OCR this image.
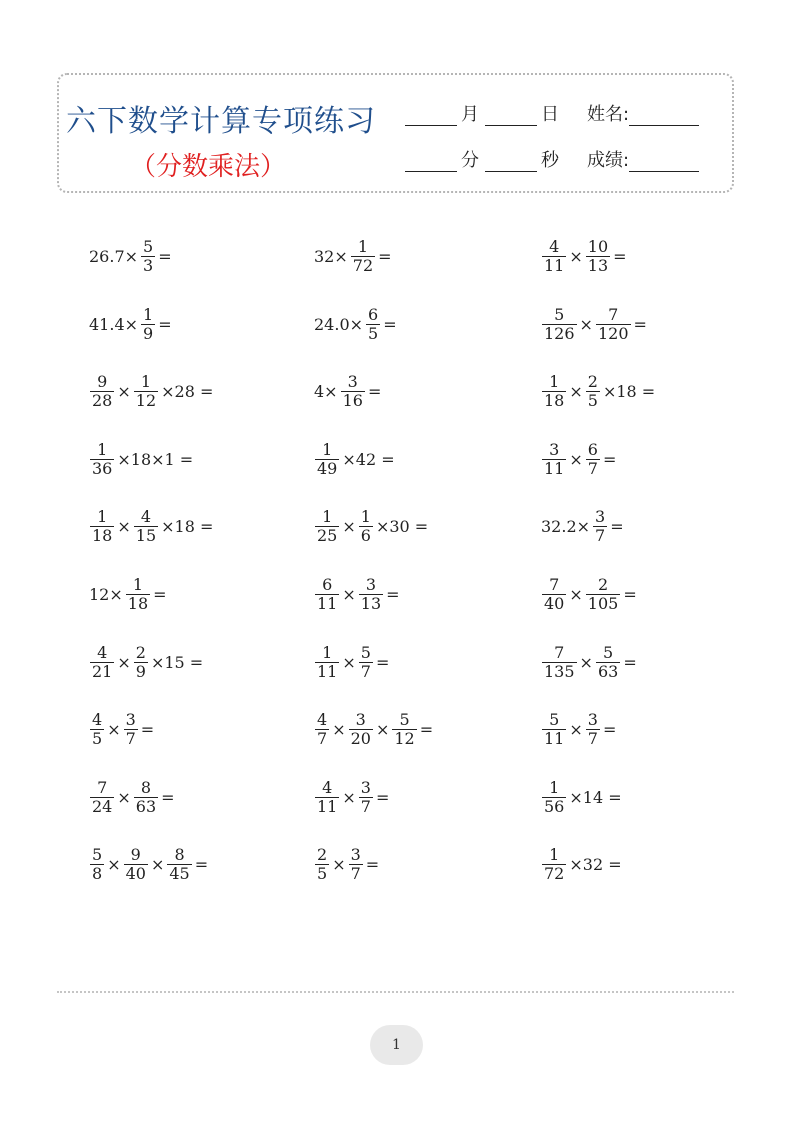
六下数学计算专项练习
（分数乘法）
月	日 姓名:
分	秒 成绩:
$26.7\times \frac{5}{3}$ =	$32\times \frac{1}{72}$ =	$\frac{4}{11} \times \frac{10}{13}$ =
$41.4\times \frac{1}{9}$ =	$24.0\times \frac{6}{5}$ =	$\frac{5}{126} \times \frac{7}{120}$ =
$\frac{9}{28} \times \frac{1}{12} \times 28$ =	$4\times \frac{3}{16}$ =	$\frac{1}{18} \times \frac{2}{5} \times 18$ =
$\frac{1}{36} \times 18\times 1$ =	$\frac{1}{49} \times 42$ =	$\frac{3}{11} \times \frac{6}{7}$ =
$\frac{1}{18} \times \frac{4}{15} \times 18$ =	$\frac{1}{25} \times \frac{1}{6} \times 30$ =	$32.2\times \frac{3}{7}$ =
$12\times \frac{1}{18}$ =	$\frac{6}{11} \times \frac{3}{13}$ =	$\frac{7}{40} \times \frac{2}{105}$ =
$\frac{4}{21} \times \frac{2}{9} \times 15$ =	$\frac{1}{11} \times \frac{5}{7}$ =	$\frac{7}{135} \times \frac{5}{63}$ =
$\frac{4}{5} \times \frac{3}{7}$ =	$\frac{4}{7} \times \frac{3}{20} \times \frac{5}{12}$ =	$\frac{5}{11} \times \frac{3}{7}$ =
$\frac{7}{24} \times \frac{8}{63}$ =	$\frac{4}{11} \times \frac{3}{7}$ =	$\frac{1}{56} \times 14$ =
$\frac{5}{8} \times \frac{9}{40} \times \frac{8}{45}$ =	$\frac{2}{5} \times \frac{3}{7}$ =	$\frac{1}{72} \times 32$ =
1
